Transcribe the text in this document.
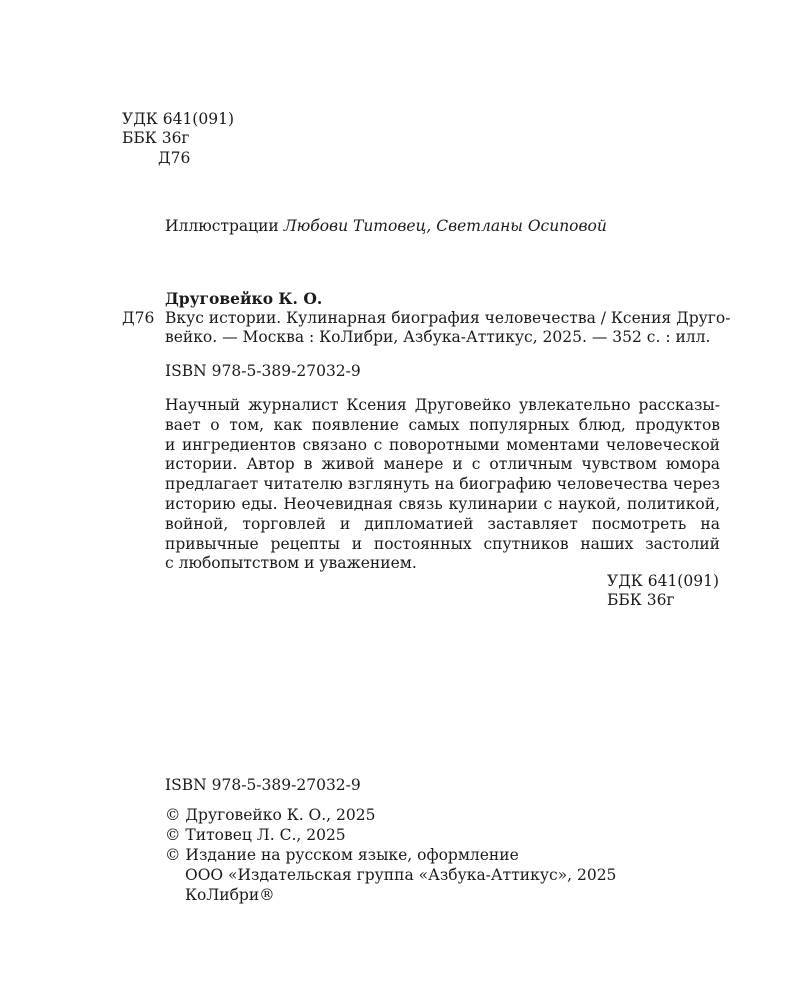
УДК 641(091)
ББК 36г
Д76
Иллюстрации Любови Титовец, Светланы Осиповой
Друговейко К. О.
Д76 Вкус истории. Кулинарная биография человечества / Ксения Друго-
вейко. — Москва : КоЛибри, Азбука-Аттикус, 2025. — 352 с. : илл.
ISBN 978-5-389-27032-9
Научный журналист Ксения Друговейко увлекательно рассказы-
вает о том, как появление самых популярных блюд, продуктов
и ингредиентов связано с поворотными моментами человеческой
истории. Автор в живой манере и с отличным чувством юмора
предлагает читателю взглянуть на биографию человечества через
историю еды. Неочевидная связь кулинарии с наукой, политикой,
войной, торговлей и дипломатией заставляет посмотреть на
привычные рецепты и постоянных спутников наших застолий
с любопытством и уважением.
УДК 641(091)
ББК 36г
ISBN 978-5-389-27032-9
© Друговейко К. О., 2025
© Титовец Л. С., 2025
© Издание на русском языке, оформление
ООО «Издательская группа «Азбука-Аттикус», 2025
КоЛибри®
